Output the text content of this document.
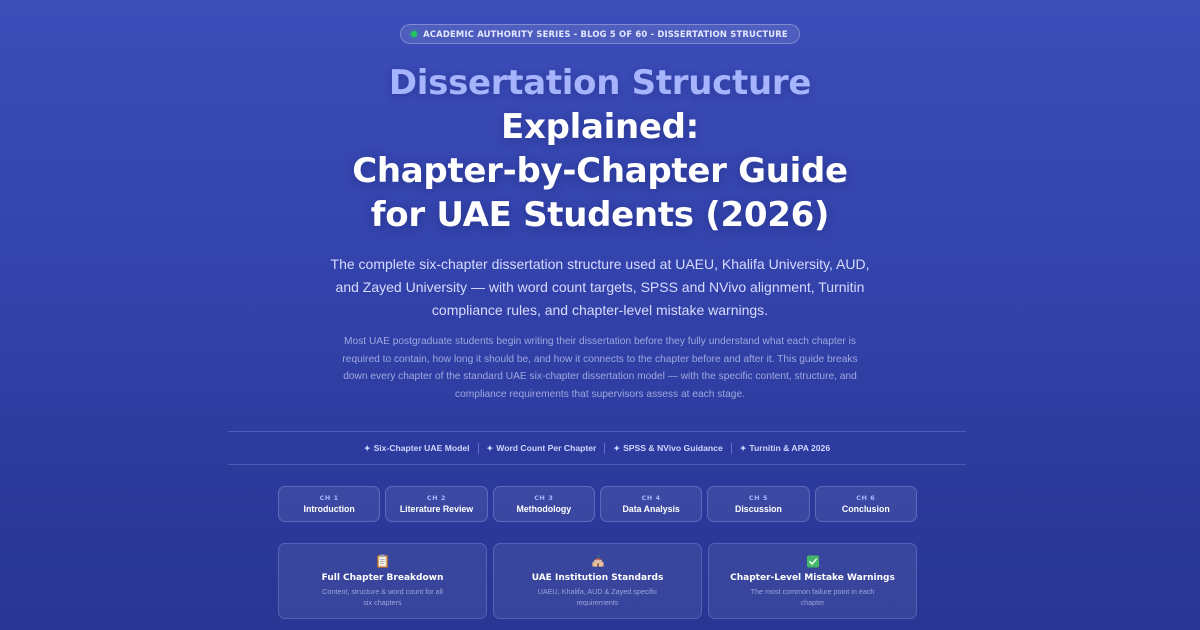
ACADEMIC AUTHORITY SERIES - BLOG 5 OF 60 - DISSERTATION STRUCTURE
Dissertation Structure
Explained:
Chapter-by-Chapter Guide
for UAE Students (2026)

The complete six-chapter dissertation structure used at UAEU, Khalifa University, AUD, and Zayed University — with word count targets, SPSS and NVivo alignment, Turnitin compliance rules, and chapter-level mistake warnings.

Most UAE postgraduate students begin writing their dissertation before they fully understand what each chapter is required to contain, how long it should be, and how it connects to the chapter before and after it. This guide breaks down every chapter of the standard UAE six-chapter dissertation model — with the specific content, structure, and compliance requirements that supervisors assess at each stage.

✦ Six-Chapter UAE Model ✦ Word Count Per Chapter ✦ SPSS & NVivo Guidance ✦ Turnitin & APA 2026
CH 1
Introduction
CH 2
Literature Review
CH 3
Methodology
CH 4
Data Analysis
CH 5
Discussion
CH 6
Conclusion
Full Chapter Breakdown
Content, structure & word count for all six chapters
UAE Institution Standards
UAEU, Khalifa, AUD & Zayed specific requirements
Chapter-Level Mistake Warnings
The most common failure point in each chapter
